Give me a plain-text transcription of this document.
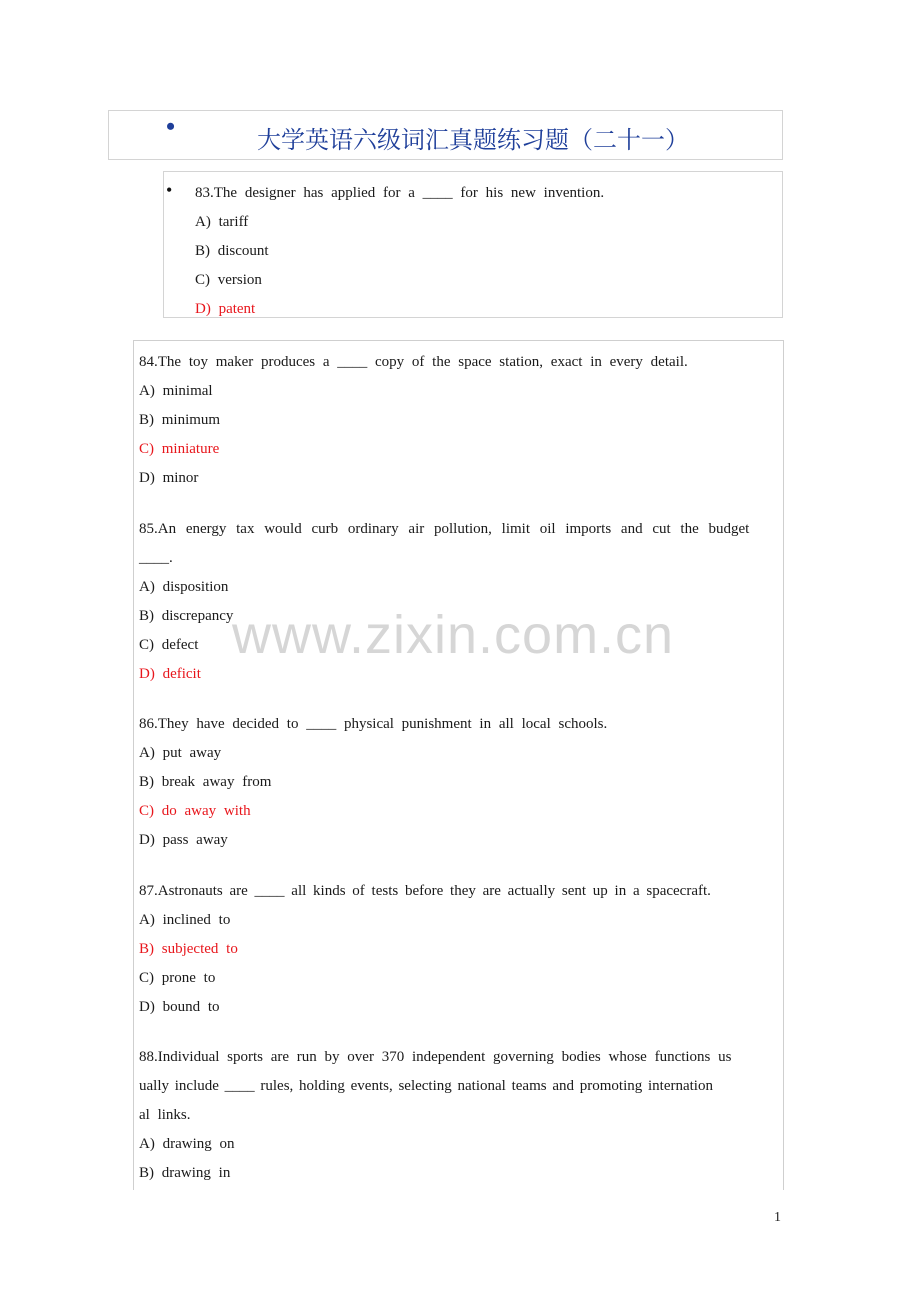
•	大学英语六级词汇真题练习题（二十一）
• 83.The designer has applied for a ____ for his new invention.
A) tariff
B) discount
C) version
D) patent
84.The toy maker produces a ____ copy of the space station, exact in every detail.
A) minimal
B) minimum
C) miniature
D) minor
85.An energy tax would curb ordinary air pollution, limit oil imports and cut the budget
____.
A) disposition
B) discrepancy
C) defect
D) deficit
86.They have decided to ____ physical punishment in all local schools.
A) put away
B) break away from
C) do away with
D) pass away
87.Astronauts are ____ all kinds of tests before they are actually sent up in a spacecraft.
A) inclined to
B) subjected to
C) prone to
D) bound to
88.Individual sports are run by over 370 independent governing bodies whose functions us
ually include ____ rules, holding events, selecting national teams and promoting internation
al links.
A) drawing on
B) drawing in
www.zixin.com.cn
1
